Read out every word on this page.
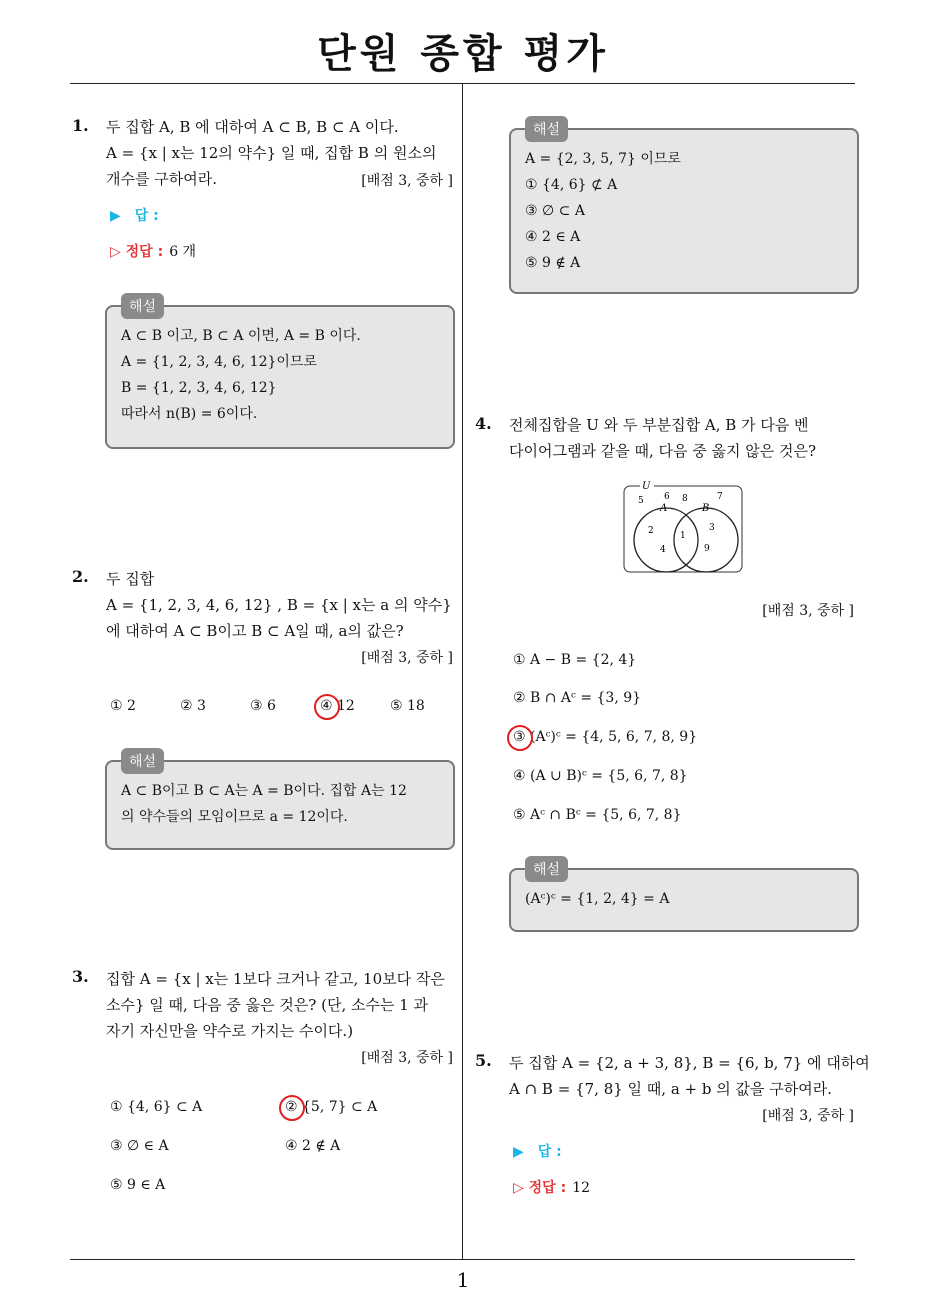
단원 종합 평가
1
1. 두 집합 A, B 에 대하여 A ⊂ B, B ⊂ A 이다.
A = {x | x는 12의 약수} 일 때, 집합 B 의 원소의
개수를 구하여라.	[배점 3, 중하 ]
▶ 답 :
▷ 정답 : 6 개
해설
A ⊂ B 이고, B ⊂ A 이면, A = B 이다.
A = {1, 2, 3, 4, 6, 12}이므로
B = {1, 2, 3, 4, 6, 12}
따라서 n(B) = 6이다.
2. 두 집합
A = {1, 2, 3, 4, 6, 12} , B = {x | x는 a 의 약수}
에 대하여 A ⊂ B이고 B ⊂ A일 때, a의 값은?
[배점 3, 중하 ]
① 2	② 3	③ 6	④ 12	⑤ 18
해설
A ⊂ B이고 B ⊂ A는 A = B이다. 집합 A는 12
의 약수들의 모임이므로 a = 12이다.
3. 집합 A = {x | x는 1보다 크거나 같고, 10보다 작은
소수} 일 때, 다음 중 옳은 것은? (단, 소수는 1 과
자기 자신만을 약수로 가지는 수이다.)
[배점 3, 중하 ]
① {4, 6} ⊂ A	② {5, 7} ⊂ A
③ ∅ ∈ A	④ 2 ∉ A
⑤ 9 ∈ A
해설
A = {2, 3, 5, 7} 이므로
① {4, 6} ⊄ A
③ ∅ ⊂ A
④ 2 ∈ A
⑤ 9 ∉ A
4. 전체집합을 U 와 두 부분집합 A, B 가 다음 벤
다이어그램과 같을 때, 다음 중 옳지 않은 것은?
U
A	B
5 6 8	7
2
4
1
3
9
[배점 3, 중하 ]
① A − B = {2, 4}
② B ∩ Aᶜ = {3, 9}
③ (Aᶜ)ᶜ = {4, 5, 6, 7, 8, 9}
④ (A ∪ B)ᶜ = {5, 6, 7, 8}
⑤ Aᶜ ∩ Bᶜ = {5, 6, 7, 8}
해설
(Aᶜ)ᶜ = {1, 2, 4} = A
5. 두 집합 A = {2, a + 3, 8}, B = {6, b, 7} 에 대하여
A ∩ B = {7, 8} 일 때, a + b 의 값을 구하여라.
[배점 3, 중하 ]
▶ 답 :
▷ 정답 : 12
